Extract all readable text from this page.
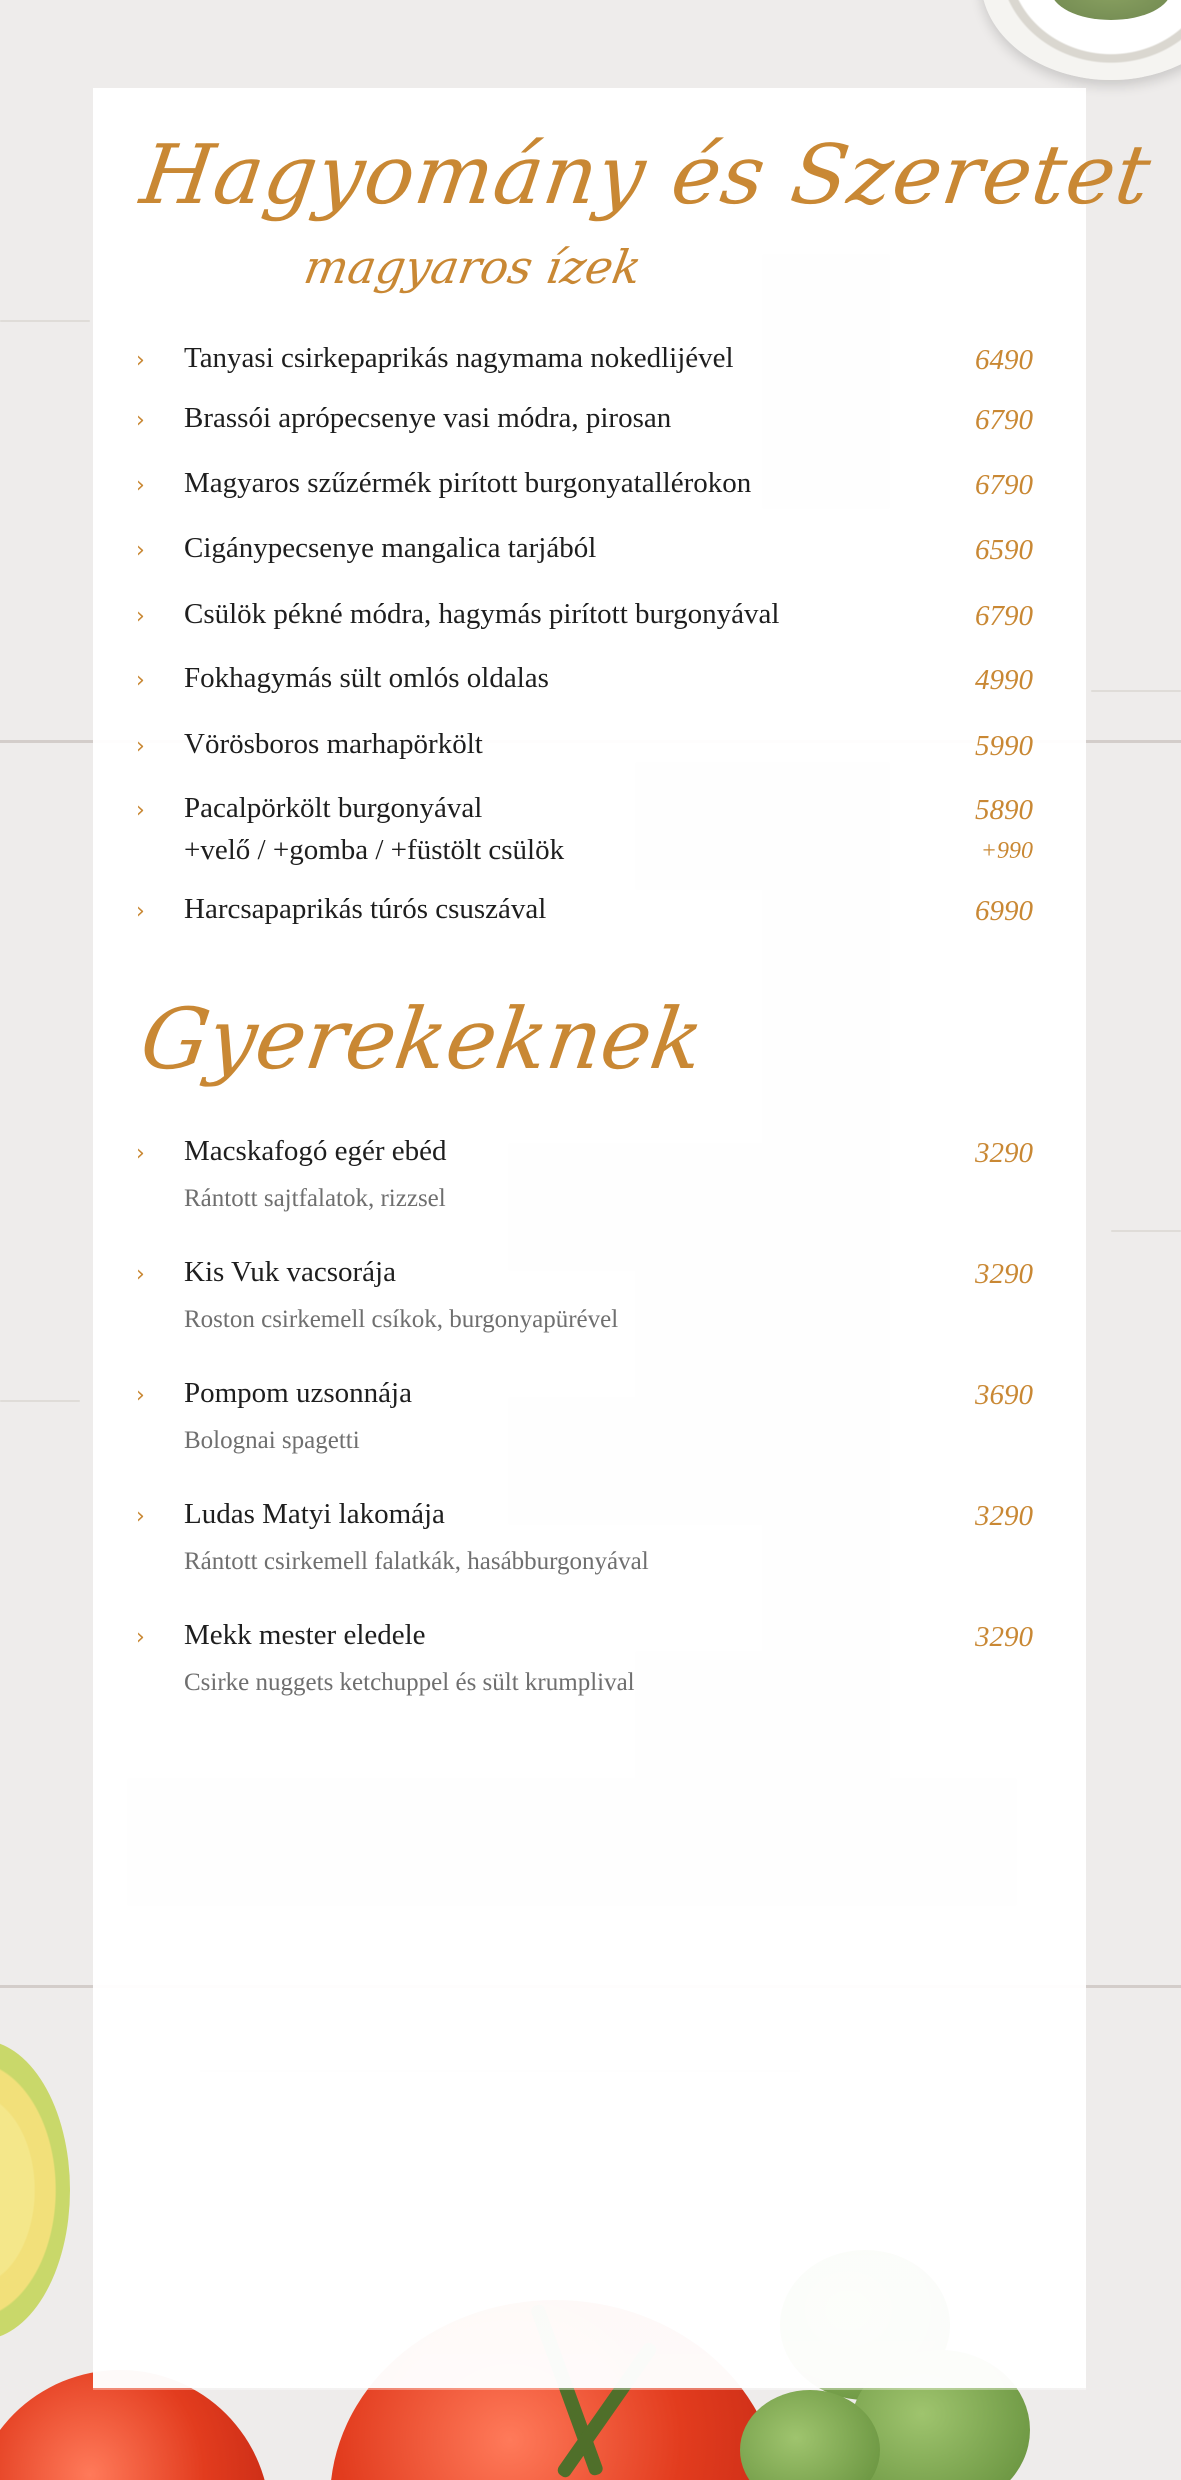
Hagyomány és Szeretet
magyaros ízek
› Tanyasi csirkepaprikás nagymama nokedlijével	6490
› Brassói aprópecsenye vasi módra, pirosan	6790
› Magyaros szűzérmék pirított burgonyatallérokon	6790
› Cigánypecsenye mangalica tarjából	6590
› Csülök pékné módra, hagymás pirított burgonyával	6790
› Fokhagymás sült omlós oldalas	4990
› Vörösboros marhapörkölt	5990
› Pacalpörkölt burgonyával	5890
+velő / +gomba / +füstölt csülök	+990
› Harcsapaprikás túrós csuszával	6990
Gyerekeknek
› Macskafogó egér ebéd	3290
Rántott sajtfalatok, rizzsel
› Kis Vuk vacsorája	3290
Roston csirkemell csíkok, burgonyapürével
› Pompom uzsonnája	3690
Bolognai spagetti
› Ludas Matyi lakomája	3290
Rántott csirkemell falatkák, hasábburgonyával
› Mekk mester eledele	3290
Csirke nuggets ketchuppel és sült krumplival
